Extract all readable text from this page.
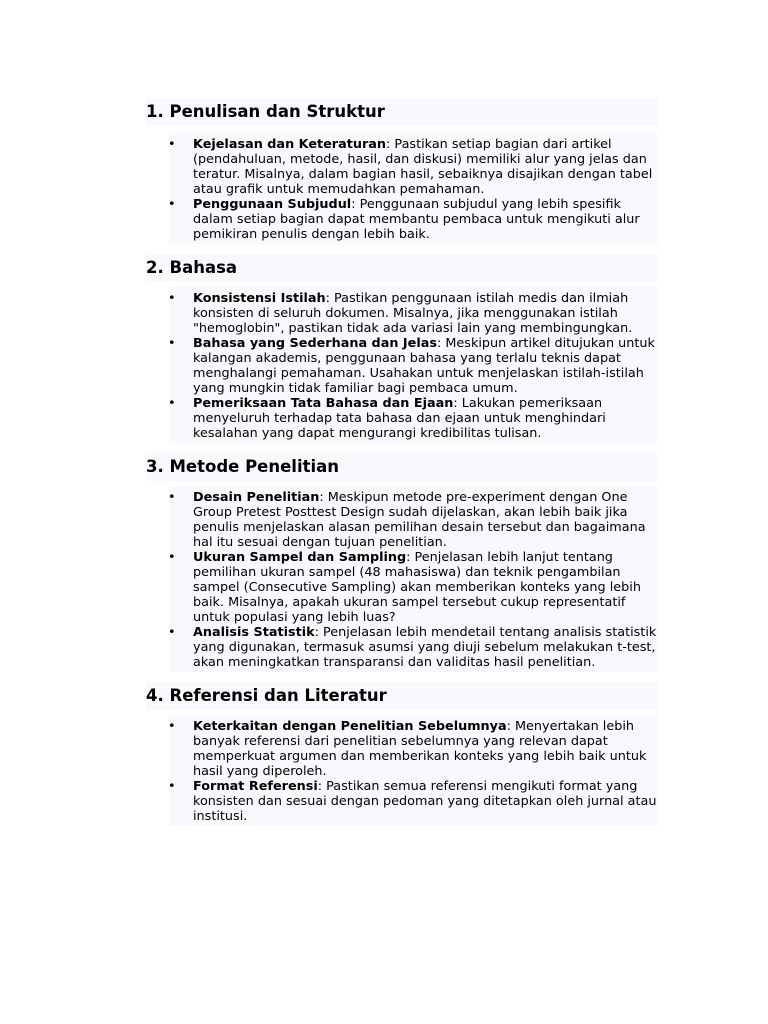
1. Penulisan dan Struktur
• Kejelasan dan Keteraturan: Pastikan setiap bagian dari artikel (pendahuluan, metode, hasil, dan diskusi) memiliki alur yang jelas dan teratur. Misalnya, dalam bagian hasil, sebaiknya disajikan dengan tabel atau grafik untuk memudahkan pemahaman.
• Penggunaan Subjudul: Penggunaan subjudul yang lebih spesifik dalam setiap bagian dapat membantu pembaca untuk mengikuti alur pemikiran penulis dengan lebih baik.
2. Bahasa
• Konsistensi Istilah: Pastikan penggunaan istilah medis dan ilmiah konsisten di seluruh dokumen. Misalnya, jika menggunakan istilah "hemoglobin", pastikan tidak ada variasi lain yang membingungkan.
• Bahasa yang Sederhana dan Jelas: Meskipun artikel ditujukan untuk kalangan akademis, penggunaan bahasa yang terlalu teknis dapat menghalangi pemahaman. Usahakan untuk menjelaskan istilah-istilah yang mungkin tidak familiar bagi pembaca umum.
• Pemeriksaan Tata Bahasa dan Ejaan: Lakukan pemeriksaan menyeluruh terhadap tata bahasa dan ejaan untuk menghindari kesalahan yang dapat mengurangi kredibilitas tulisan.
3. Metode Penelitian
• Desain Penelitian: Meskipun metode pre-experiment dengan One Group Pretest Posttest Design sudah dijelaskan, akan lebih baik jika penulis menjelaskan alasan pemilihan desain tersebut dan bagaimana hal itu sesuai dengan tujuan penelitian.
• Ukuran Sampel dan Sampling: Penjelasan lebih lanjut tentang pemilihan ukuran sampel (48 mahasiswa) dan teknik pengambilan sampel (Consecutive Sampling) akan memberikan konteks yang lebih baik. Misalnya, apakah ukuran sampel tersebut cukup representatif untuk populasi yang lebih luas?
• Analisis Statistik: Penjelasan lebih mendetail tentang analisis statistik yang digunakan, termasuk asumsi yang diuji sebelum melakukan t-test, akan meningkatkan transparansi dan validitas hasil penelitian.
4. Referensi dan Literatur
• Keterkaitan dengan Penelitian Sebelumnya: Menyertakan lebih banyak referensi dari penelitian sebelumnya yang relevan dapat memperkuat argumen dan memberikan konteks yang lebih baik untuk hasil yang diperoleh.
• Format Referensi: Pastikan semua referensi mengikuti format yang konsisten dan sesuai dengan pedoman yang ditetapkan oleh jurnal atau institusi.
